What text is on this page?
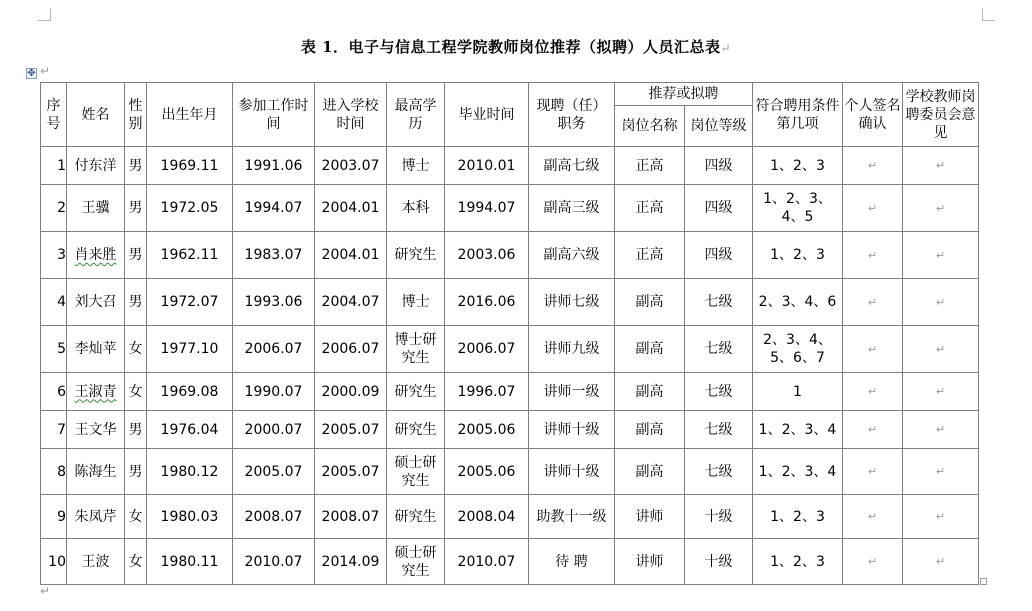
表 1．电子与信息工程学院教师岗位推荐（拟聘）人员汇总表↵
✥ ↵
序号	姓名	性别	出生年月	参加工作时间	进入学校时间	最高学历	毕业时间	现聘（任）职务	推荐或拟聘		符合聘用条件第几项	个人签名确认	学校教师岗聘委员会意见
									岗位名称	岗位等级			
1	付东洋	男	1969.11	1991.06	2003.07	博士	2010.01	副高七级	正高	四级	1、2、3	↵	↵
2	王骥	男	1972.05	1994.07	2004.01	本科	1994.07	副高三级	正高	四级	1、2、3、4、5	↵	↵
3	肖来胜	男	1962.11	1983.07	2004.01	研究生	2003.06	副高六级	正高	四级	1、2、3	↵	↵
4	刘大召	男	1972.07	1993.06	2004.07	博士	2016.06	讲师七级	副高	七级	2、3、4、6	↵	↵
5	李灿苹	女	1977.10	2006.07	2006.07	博士研究生	2006.07	讲师九级	副高	七级	2、3、4、5、6、7	↵	↵
6	王淑青	女	1969.08	1990.07	2000.09	研究生	1996.07	讲师一级	副高	七级	1	↵	↵
7	王文华	男	1976.04	2000.07	2005.07	研究生	2005.06	讲师十级	副高	七级	1、2、3、4	↵	↵
8	陈海生	男	1980.12	2005.07	2005.07	硕士研究生	2005.06	讲师十级	副高	七级	1、2、3、4	↵	↵
9	朱凤芹	女	1980.03	2008.07	2008.07	研究生	2008.04	助教十一级	讲师	十级	1、2、3	↵	↵
10	王波	女	1980.11	2010.07	2014.09	硕士研究生	2010.07	待 聘	讲师	十级	1、2、3	↵	↵
↵
